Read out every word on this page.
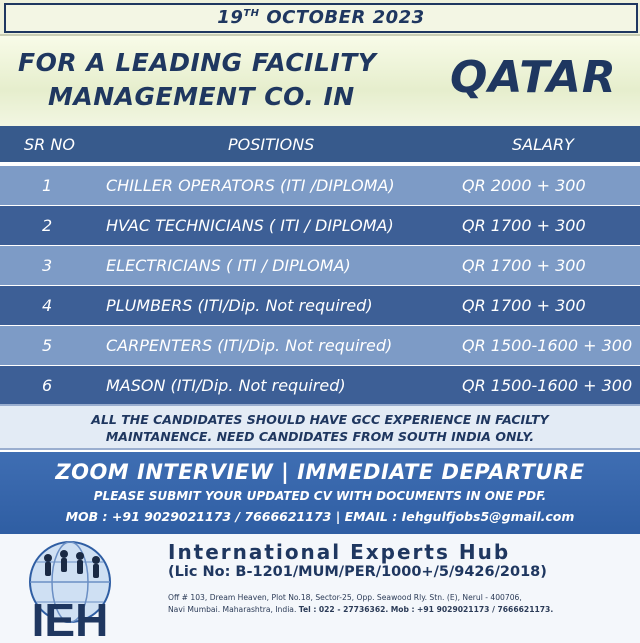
19TH OCTOBER 2023
FOR A LEADING FACILITY
MANAGEMENT CO. IN QATAR
SR NO	POSITIONS	SALARY
1	CHILLER OPERATORS (ITI /DIPLOMA)	QR 2000 + 300
2	HVAC TECHNICIANS ( ITI / DIPLOMA)	QR 1700 + 300
3	ELECTRICIANS ( ITI / DIPLOMA)	QR 1700 + 300
4	PLUMBERS (ITI/Dip. Not required)	QR 1700 + 300
5	CARPENTERS (ITI/Dip. Not required)	QR 1500-1600 + 300
6	MASON (ITI/Dip. Not required)	QR 1500-1600 + 300
ALL THE CANDIDATES SHOULD HAVE GCC EXPERIENCE IN FACILTY
MAINTANENCE. NEED CANDIDATES FROM SOUTH INDIA ONLY.
ZOOM INTERVIEW | IMMEDIATE DEPARTURE
PLEASE SUBMIT YOUR UPDATED CV WITH DOCUMENTS IN ONE PDF.
MOB : +91 9029021173 / 7666621173 | EMAIL : Iehgulfjobs5@gmail.com
IEH
International Experts Hub
(Lic No: B-1201/MUM/PER/1000+/5/9426/2018)
Off # 103, Dream Heaven, Plot No.18, Sector-25, Opp. Seawood Rly. Stn. (E), Nerul - 400706,
Navi Mumbai. Maharashtra, India. Tel : 022 - 27736362. Mob : +91 9029021173 / 7666621173.
